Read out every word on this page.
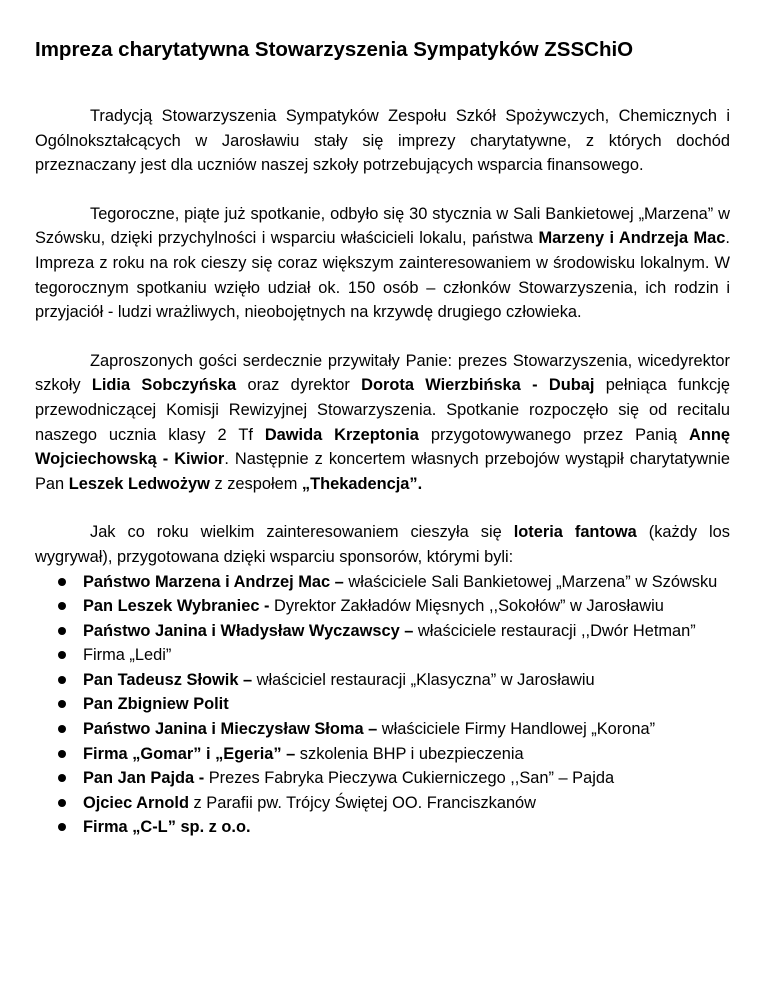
Impreza charytatywna Stowarzyszenia Sympatyków ZSSChiO

Tradycją Stowarzyszenia Sympatyków Zespołu Szkół Spożywczych, Chemicznych i Ogólnokształcących w Jarosławiu stały się imprezy charytatywne, z których dochód przeznaczany jest dla uczniów naszej szkoły potrzebujących wsparcia finansowego.

Tegoroczne, piąte już spotkanie, odbyło się 30 stycznia w Sali Bankietowej „Marzena” w Szówsku, dzięki przychylności i wsparciu właścicieli lokalu, państwa Marzeny i Andrzeja Mac. Impreza z roku na rok cieszy się coraz większym zainteresowaniem w środowisku lokalnym. W tegorocznym spotkaniu wzięło udział ok. 150 osób – członków Stowarzyszenia, ich rodzin i przyjaciół - ludzi wrażliwych, nieobojętnych na krzywdę drugiego człowieka.

Zaproszonych gości serdecznie przywitały Panie: prezes Stowarzyszenia, wicedyrektor szkoły Lidia Sobczyńska oraz dyrektor Dorota Wierzbińska - Dubaj pełniąca funkcję przewodniczącej Komisji Rewizyjnej Stowarzyszenia. Spotkanie rozpoczęło się od recitalu naszego ucznia klasy 2 Tf Dawida Krzeptonia przygotowywanego przez Panią Annę Wojciechowską - Kiwior. Następnie z koncertem własnych przebojów wystąpił charytatywnie Pan Leszek Ledwożyw z zespołem „Thekadencja”.

Jak co roku wielkim zainteresowaniem cieszyła się loteria fantowa (każdy los wygrywał), przygotowana dzięki wsparciu sponsorów, którymi byli:
Państwo Marzena i Andrzej Mac – właściciele Sali Bankietowej „Marzena” w Szówsku
Pan Leszek Wybraniec - Dyrektor Zakładów Mięsnych ,,Sokołów” w Jarosławiu
Państwo Janina i Władysław Wyczawscy – właściciele restauracji ,,Dwór Hetman”
Firma „Ledi”
Pan Tadeusz Słowik – właściciel restauracji „Klasyczna” w Jarosławiu
Pan Zbigniew Polit
Państwo Janina i Mieczysław Słoma – właściciele Firmy Handlowej „Korona”
Firma „Gomar” i „Egeria” – szkolenia BHP i ubezpieczenia
Pan Jan Pajda - Prezes Fabryka Pieczywa Cukierniczego ,,San” – Pajda
Ojciec Arnold z Parafii pw. Trójcy Świętej OO. Franciszkanów
Firma „C-L” sp. z o.o.
